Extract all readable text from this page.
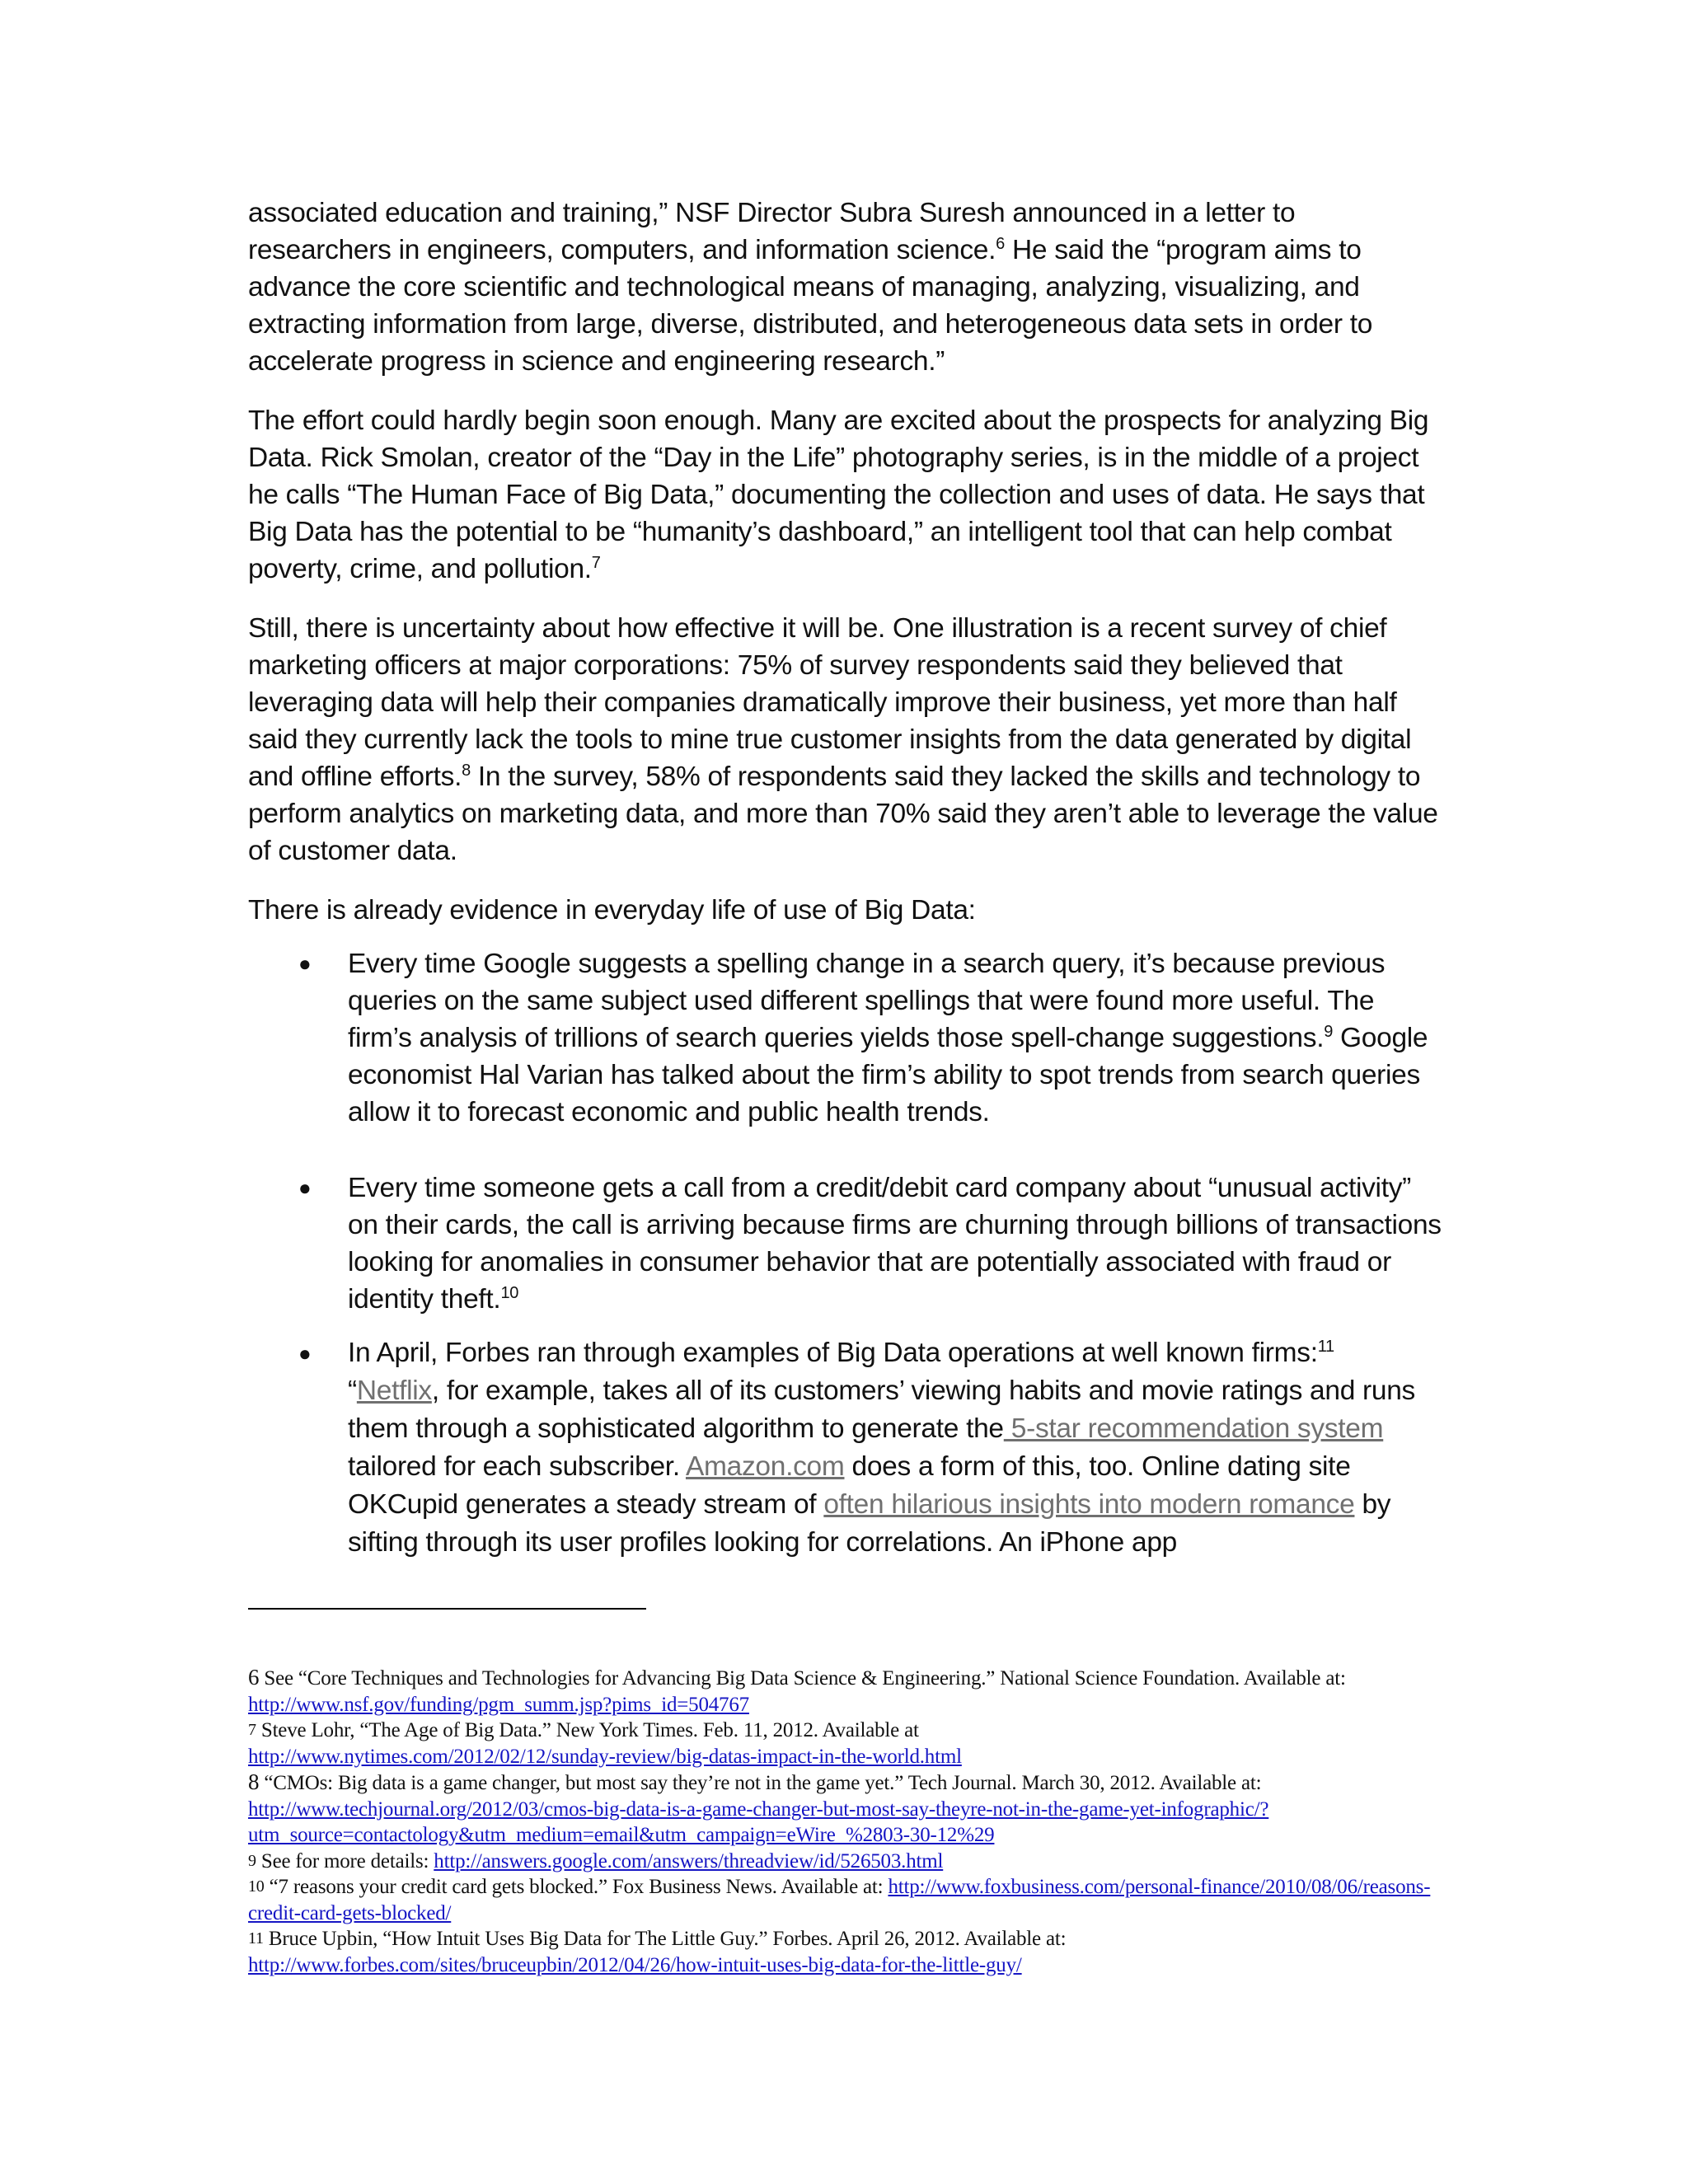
associated education and training,” NSF Director Subra Suresh announced in a letter to researchers in engineers, computers, and information science.$^6$ He said the “program aims to advance the core scientific and technological means of managing, analyzing, visualizing, and extracting information from large, diverse, distributed, and heterogeneous data sets in order to accelerate progress in science and engineering research.”

The effort could hardly begin soon enough. Many are excited about the prospects for analyzing Big Data. Rick Smolan, creator of the “Day in the Life” photography series, is in the middle of a project he calls “The Human Face of Big Data,” documenting the collection and uses of data. He says that Big Data has the potential to be “humanity’s dashboard,” an intelligent tool that can help combat poverty, crime, and pollution.$^7$

Still, there is uncertainty about how effective it will be. One illustration is a recent survey of chief marketing officers at major corporations: 75% of survey respondents said they believed that leveraging data will help their companies dramatically improve their business, yet more than half said they currently lack the tools to mine true customer insights from the data generated by digital and offline efforts.$^8$ In the survey, 58% of respondents said they lacked the skills and technology to perform analytics on marketing data, and more than 70% said they aren’t able to leverage the value of customer data.

There is already evidence in everyday life of use of Big Data:

● Every time Google suggests a spelling change in a search query, it’s because previous queries on the same subject used different spellings that were found more useful. The firm’s analysis of trillions of search queries yields those spell-change suggestions.$^9$ Google economist Hal Varian has talked about the firm’s ability to spot trends from search queries allow it to forecast economic and public health trends.
● Every time someone gets a call from a credit/debit card company about “unusual activity” on their cards, the call is arriving because firms are churning through billions of transactions looking for anomalies in consumer behavior that are potentially associated with fraud or identity theft.$^{10}$
● In April, Forbes ran through examples of Big Data operations at well known firms:$^{11}$
“Netflix, for example, takes all of its customers’ viewing habits and movie ratings and runs them through a sophisticated algorithm to generate the 5-star recommendation system tailored for each subscriber. Amazon.com does a form of this, too. Online dating site OKCupid generates a steady stream of often hilarious insights into modern romance by sifting through its user profiles looking for correlations. An iPhone app

6 See “Core Techniques and Technologies for Advancing Big Data Science & Engineering.” National Science Foundation. Available at: http://www.nsf.gov/funding/pgm_summ.jsp?pims_id=504767

$^7$ Steve Lohr, “The Age of Big Data.” New York Times. Feb. 11, 2012. Available at
http://www.nytimes.com/2012/02/12/sunday-review/big-datas-impact-in-the-world.html

8 “CMOs: Big data is a game changer, but most say they’re not in the game yet.” Tech Journal. March 30, 2012. Available at: http://www.techjournal.org/2012/03/cmos-big-data-is-a-game-changer-but-most-say-theyre-not-in-the-game-yet-infographic/?utm_source=contactology&utm_medium=email&utm_campaign=eWire_%2803-30-12%29

$^9$ See for more details: http://answers.google.com/answers/threadview/id/526503.html

$^{10}$ “7 reasons your credit card gets blocked.” Fox Business News. Available at: http://www.foxbusiness.com/personal-finance/2010/08/06/reasons-credit-card-gets-blocked/

$^{11}$ Bruce Upbin, “How Intuit Uses Big Data for The Little Guy.” Forbes. April 26, 2012. Available at:
http://www.forbes.com/sites/bruceupbin/2012/04/26/how-intuit-uses-big-data-for-the-little-guy/
